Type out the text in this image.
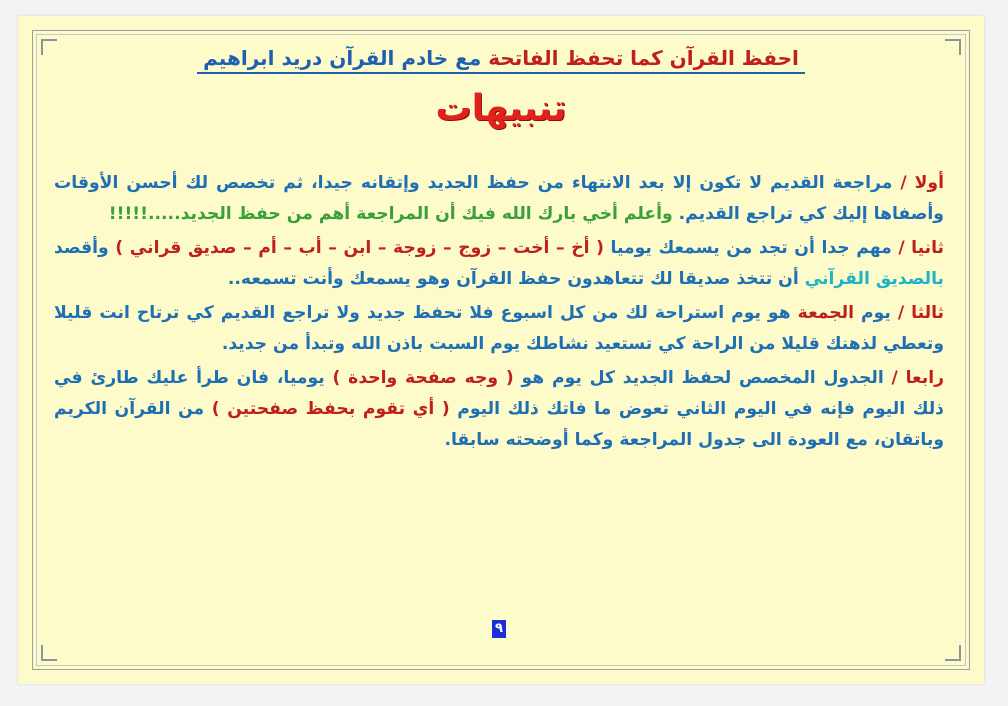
احفظ القرآن كما تحفظ الفاتحة مع خادم القرآن دريد ابراهيم
تنبيهات

أولا / مراجعة القديم لا تكون إلا بعد الانتهاء من حفظ الجديد وإتقانه جيدا، ثم تخصص لك أحسن الأوقات وأصفاها إليك كي تراجع القديم. وأعلم أخي بارك الله فيك أن المراجعة أهم من حفظ الجديد.....!!!!!

ثانيا / مهم جدا أن تجد من يسمعك يوميا ( أخ – أخت – زوج – زوجة – ابن – أب – أم – صديق قراني ) وأقصد بالصديق القرآني أن تتخذ صديقا لك تتعاهدون حفظ القرآن وهو يسمعك وأنت تسمعه..

ثالثا / يوم الجمعة هو يوم استراحة لك من كل اسبوع فلا تحفظ جديد ولا تراجع القديم كي ترتاح انت قليلا وتعطي لذهنك قليلا من الراحة كي تستعيد نشاطك يوم السبت باذن الله وتبدأ من جديد.

رابعا / الجدول المخصص لحفظ الجديد كل يوم هو ( وجه صفحة واحدة ) يوميا، فان طرأ عليك طارئ في ذلك اليوم فإنه في اليوم الثاني تعوض ما فاتك ذلك اليوم ( أي تقوم بحفظ صفحتين ) من القرآن الكريم وباتقان، مع العودة الى جدول المراجعة وكما أوضحته سابقا.

٩
